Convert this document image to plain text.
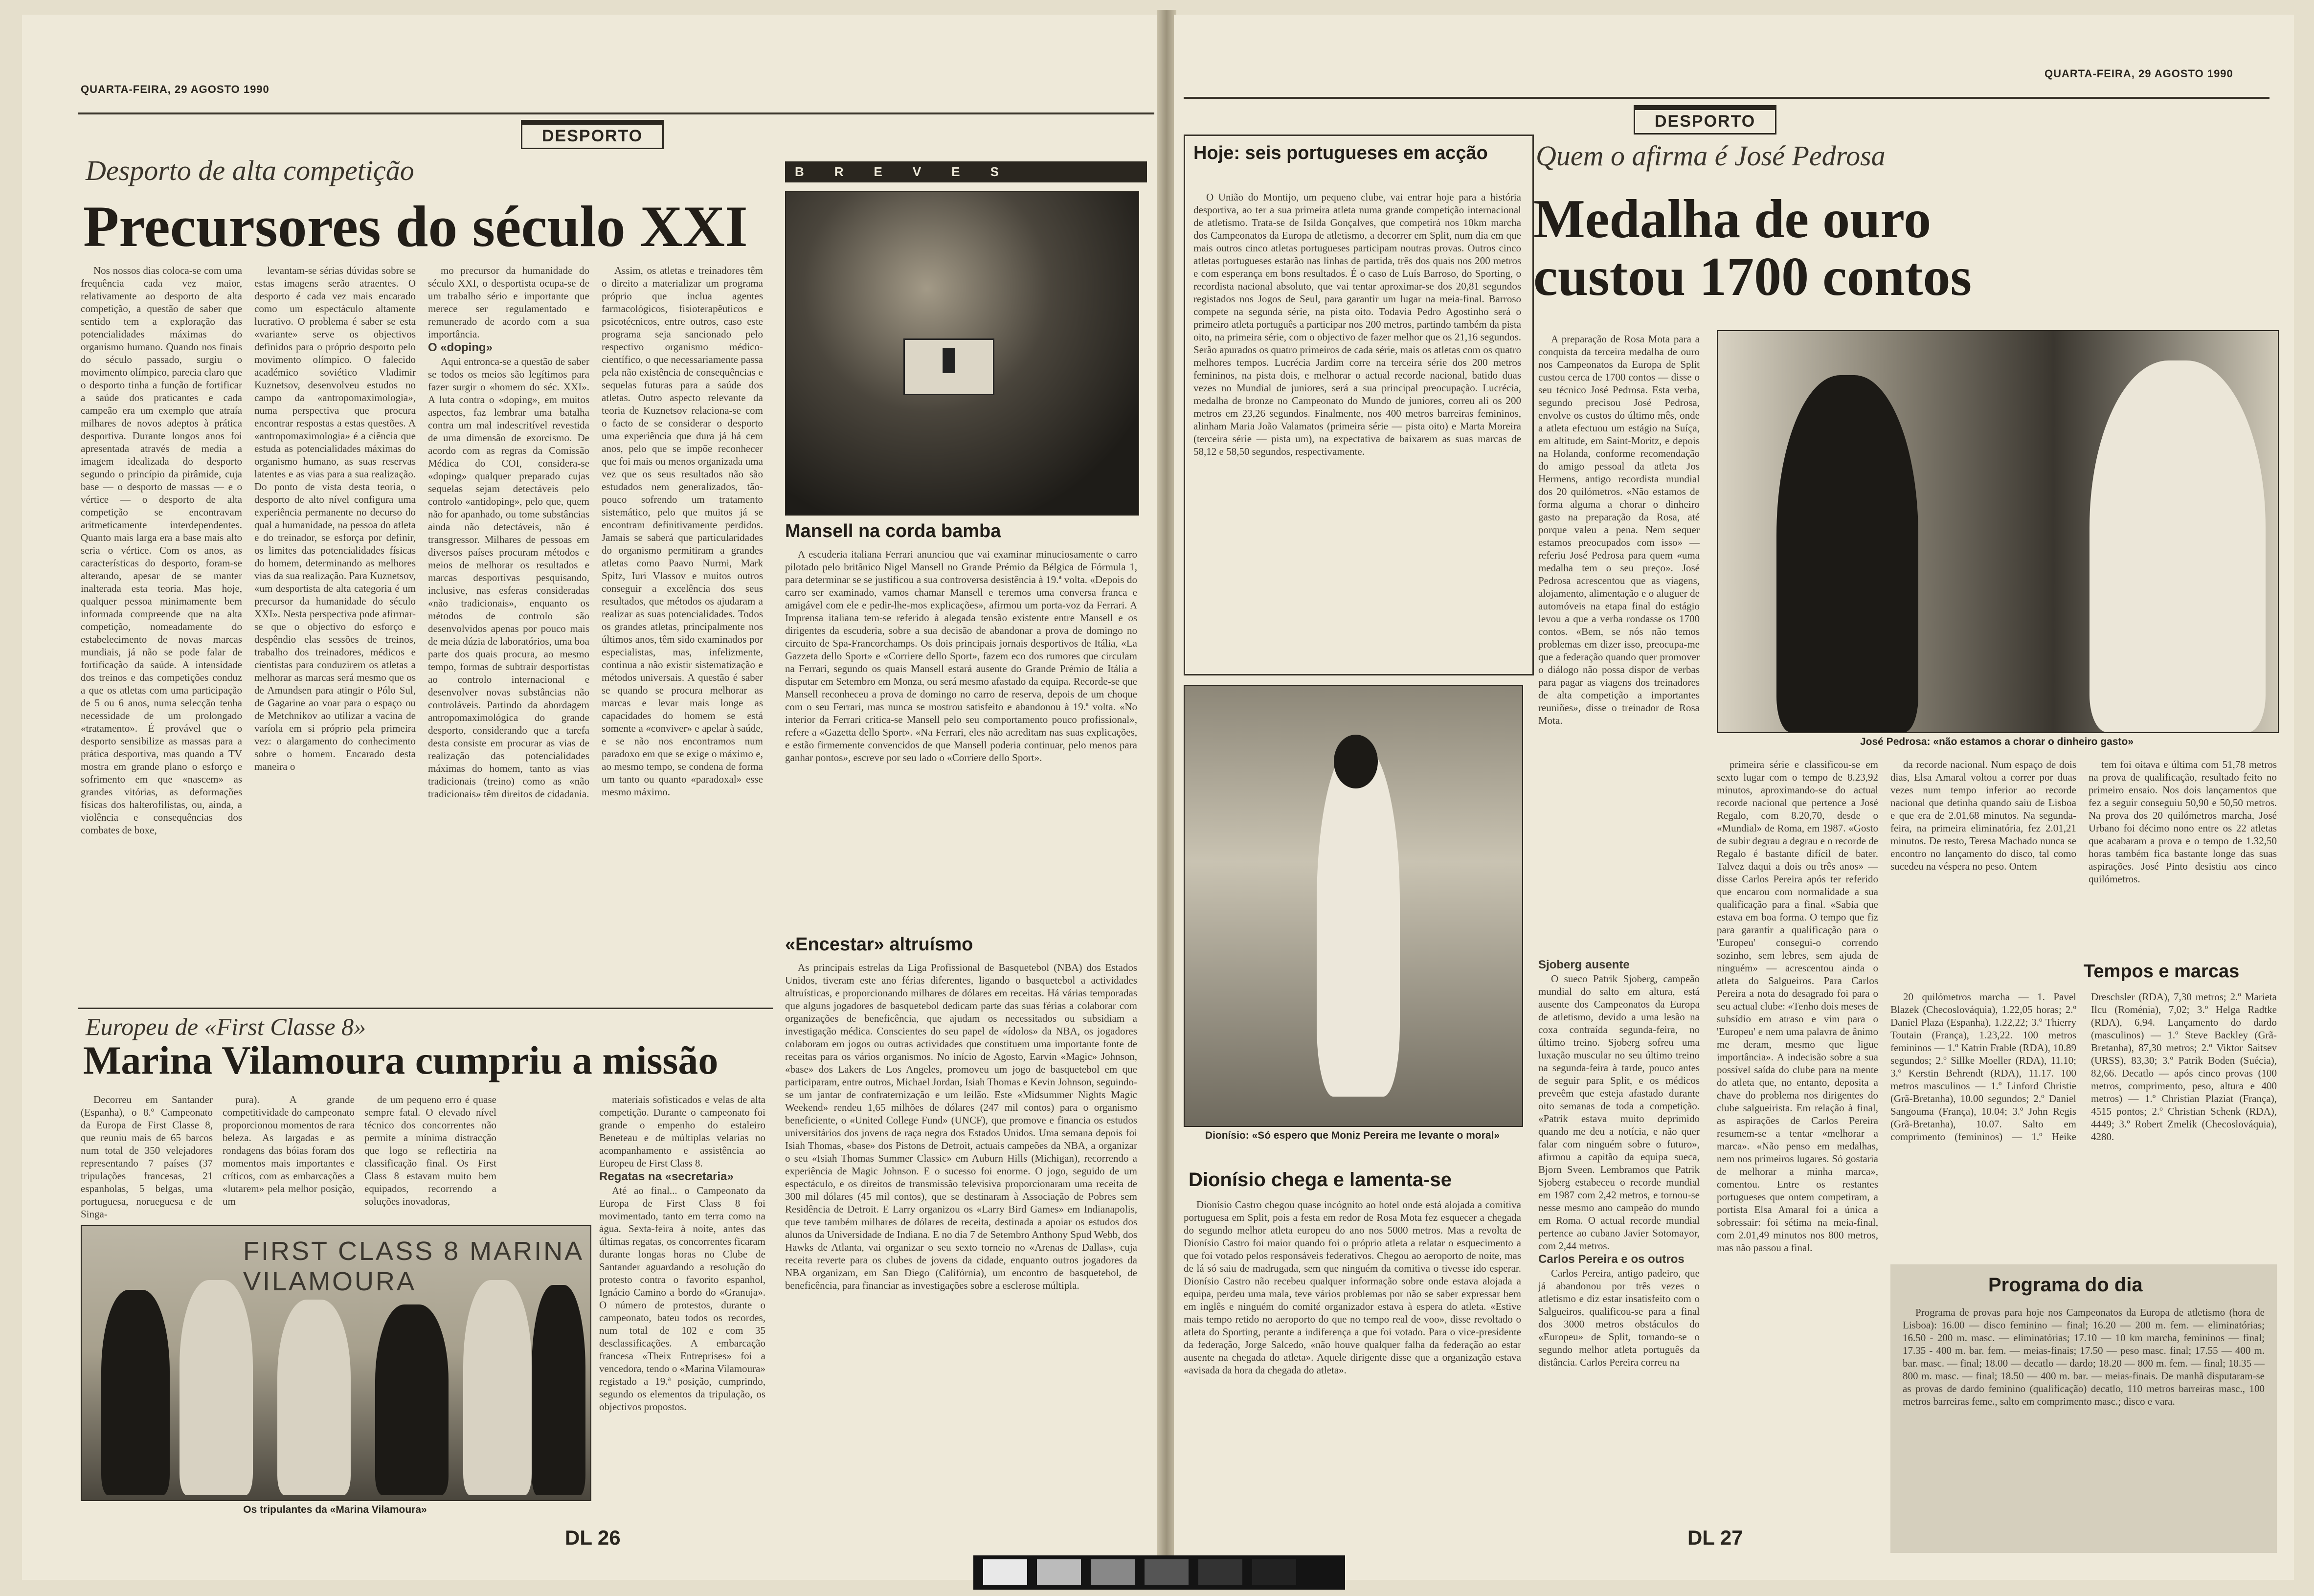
QUARTA-FEIRA, 29 AGOSTO 1990
DESPORTO
Desporto de alta competição
Precursores do século XXI

Nos nossos dias coloca-se com uma frequência cada vez maior, relativamente ao desporto de alta competição, a questão de saber que sentido tem a exploração das potencialidades máximas do organismo humano. Quando nos finais do século passado, surgiu o movimento olímpico, parecia claro que o desporto tinha a função de fortificar a saúde dos praticantes e cada campeão era um exemplo que atraía milhares de novos adeptos à prática desportiva. Durante longos anos foi apresentada através de media a imagem idealizada do desporto segundo o princípio da pirâmide, cuja base — o desporto de massas — e o vértice — o desporto de alta competição se encontravam aritmeticamente interdependentes. Quanto mais larga era a base mais alto seria o vértice. Com os anos, as características do desporto, foram-se alterando, apesar de se manter inalterada esta teoria. Mas hoje, qualquer pessoa minimamente bem informada compreende que na alta competição, nomeadamente do estabelecimento de novas marcas mundiais, já não se pode falar de fortificação da saúde. A intensidade dos treinos e das competições conduz a que os atletas com uma participação de 5 ou 6 anos, numa selecção tenha necessidade de um prolongado «tratamento». É provável que o desporto sensibilize as massas para a prática desportiva, mas quando a TV mostra em grande plano o esforço e sofrimento em que «nascem» as grandes vitórias, as deformações físicas dos halterofilistas, ou, ainda, a violência e consequências dos combates de boxe,

levantam-se sérias dúvidas sobre se estas imagens serão atraentes. O desporto é cada vez mais encarado como um espectáculo altamente lucrativo. O problema é saber se esta «variante» serve os objectivos definidos para o próprio desporto pelo movimento olímpico. O falecido académico soviético Vladimir Kuznetsov, desenvolveu estudos no campo da «antropomaximologia», numa perspectiva que procura encontrar respostas a estas questões. A «antropomaximologia» é a ciência que estuda as potencialidades máximas do organismo humano, as suas reservas latentes e as vias para a sua realização. Do ponto de vista desta teoria, o desporto de alto nível configura uma experiência permanente no decurso do qual a humanidade, na pessoa do atleta e do treinador, se esforça por definir, os limites das potencialidades físicas do homem, determinando as melhores vias da sua realização. Para Kuznetsov, «um desportista de alta categoria é um precursor da humanidade do século XXI». Nesta perspectiva pode afirmar-se que o objectivo do esforço e despêndio elas sessões de treinos, trabalho dos treinadores, médicos e cientistas para conduzirem os atletas a melhorar as marcas será mesmo que os de Amundsen para atingir o Pólo Sul, de Gagarine ao voar para o espaço ou de Metchnikov ao utilizar a vacina de varíola em si próprio pela primeira vez: o alargamento do conhecimento sobre o homem. Encarado desta maneira o

mo precursor da humanidade do século XXI, o desportista ocupa-se de um trabalho sério e importante que merece ser regulamentado e remunerado de acordo com a sua importância.

O «doping»

Aqui entronca-se a questão de saber se todos os meios são legítimos para fazer surgir o «homem do séc. XXI». A luta contra o «doping», em muitos aspectos, faz lembrar uma batalha contra um mal indescritível revestida de uma dimensão de exorcismo. De acordo com as regras da Comissão Médica do COI, considera-se «doping» qualquer preparado cujas sequelas sejam detectáveis pelo controlo «antidoping», pelo que, quem não for apanhado, ou tome substâncias ainda não detectáveis, não é transgressor. Milhares de pessoas em diversos países procuram métodos e meios de melhorar os resultados e marcas desportivas pesquisando, inclusive, nas esferas consideradas «não tradicionais», enquanto os métodos de controlo são desenvolvidos apenas por pouco mais de meia dúzia de laboratórios, uma boa parte dos quais procura, ao mesmo tempo, formas de subtrair desportistas ao controlo internacional e desenvolver novas substâncias não controláveis. Partindo da abordagem antropomaximológica do grande desporto, considerando que a tarefa desta consiste em procurar as vias de realização das potencialidades máximas do homem, tanto as vias tradicionais (treino) como as «não tradicionais» têm direitos de cidadania.

Assim, os atletas e treinadores têm o direito a materializar um programa próprio que inclua agentes farmacológicos, fisioterapêuticos e psicotécnicos, entre outros, caso este programa seja sancionado pelo respectivo organismo médico-científico, o que necessariamente passa pela não existência de consequências e sequelas futuras para a saúde dos atletas. Outro aspecto relevante da teoria de Kuznetsov relaciona-se com o facto de se considerar o desporto uma experiência que dura já há cem anos, pelo que se impõe reconhecer que foi mais ou menos organizada uma vez que os seus resultados não são estudados nem generalizados, tão-pouco sofrendo um tratamento sistemático, pelo que muitos já se encontram definitivamente perdidos. Jamais se saberá que particularidades do organismo permitiram a grandes atletas como Paavo Nurmi, Mark Spitz, Iuri Vlassov e muitos outros conseguir a excelência dos seus resultados, que métodos os ajudaram a realizar as suas potencialidades. Todos os grandes atletas, principalmente nos últimos anos, têm sido examinados por especialistas, mas, infelizmente, continua a não existir sistematização e métodos universais. A questão é saber se quando se procura melhorar as marcas e levar mais longe as capacidades do homem se está somente a «conviver» e apelar à saúde, e se não nos encontramos num paradoxo em que se exige o máximo e, ao mesmo tempo, se condena de forma um tanto ou quanto «paradoxal» esse mesmo máximo.

Europeu de «First Classe 8»
Marina Vilamoura cumpriu a missão

Decorreu em Santander (Espanha), o 8.º Campeonato da Europa de First Classe 8, que reuniu mais de 65 barcos num total de 350 velejadores representando 7 países (37 tripulações francesas, 21 espanholas, 5 belgas, uma portuguesa, norueguesa e de Singa-

pura). A grande competitividade do campeonato proporcionou momentos de rara beleza. As largadas e as rondagens das bóias foram dos momentos mais importantes e críticos, com as embarcações a «lutarem» pela melhor posição, um

de um pequeno erro é quase sempre fatal. O elevado nível técnico dos concorrentes não permite a mínima distracção que logo se reflectiria na classificação final. Os First Class 8 estavam muito bem equipados, recorrendo a soluções inovadoras,

materiais sofisticados e velas de alta competição. Durante o campeonato foi grande o empenho do estaleiro Beneteau e de múltiplas velarias no acompanhamento e assistência ao Europeu de First Class 8.

Regatas na «secretaria»

Até ao final... o Campeonato da Europa de First Class 8 foi movimentado, tanto em terra como na água. Sexta-feira à noite, antes das últimas regatas, os concorrentes ficaram durante longas horas no Clube de Santander aguardando a resolução do protesto contra o favorito espanhol, Ignácio Camino a bordo do «Granuja». O número de protestos, durante o campeonato, bateu todos os recordes, num total de 102 e com 35 desclassificações. A embarcação francesa «Theix Entreprises» foi a vencedora, tendo o «Marina Vilamoura» registado a 19.ª posição, cumprindo, segundo os elementos da tripulação, os objectivos propostos.

FIRST CLASS 8 MARINA VILAMOURA
Os tripulantes da «Marina Vilamoura»
BREVES
▮
Mansell na corda bamba

A escuderia italiana Ferrari anunciou que vai examinar minuciosamente o carro pilotado pelo britânico Nigel Mansell no Grande Prémio da Bélgica de Fórmula 1, para determinar se se justificou a sua controversa desistência à 19.ª volta. «Depois do carro ser examinado, vamos chamar Mansell e teremos uma conversa franca e amigável com ele e pedir-lhe-mos explicações», afirmou um porta-voz da Ferrari. A Imprensa italiana tem-se referido à alegada tensão existente entre Mansell e os dirigentes da escuderia, sobre a sua decisão de abandonar a prova de domingo no circuito de Spa-Francorchamps. Os dois principais jornais desportivos de Itália, «La Gazzeta dello Sport» e «Corriere dello Sport», fazem eco dos rumores que circulam na Ferrari, segundo os quais Mansell estará ausente do Grande Prémio de Itália a disputar em Setembro em Monza, ou será mesmo afastado da equipa. Recorde-se que Mansell reconheceu a prova de domingo no carro de reserva, depois de um choque com o seu Ferrari, mas nunca se mostrou satisfeito e abandonou à 19.ª volta. «No interior da Ferrari critica-se Mansell pelo seu comportamento pouco profissional», refere a «Gazetta dello Sport». «Na Ferrari, eles não acreditam nas suas explicações, e estão firmemente convencidos de que Mansell poderia continuar, pelo menos para ganhar pontos», escreve por seu lado o «Corriere dello Sport».

«Encestar» altruísmo

As principais estrelas da Liga Profissional de Basquetebol (NBA) dos Estados Unidos, tiveram este ano férias diferentes, ligando o basquetebol a actividades altruísticas, e proporcionando milhares de dólares em receitas. Há várias temporadas que alguns jogadores de basquetebol dedicam parte das suas férias a colaborar com organizações de beneficência, que ajudam os necessitados ou subsidiam a investigação médica. Conscientes do seu papel de «ídolos» da NBA, os jogadores colaboram em jogos ou outras actividades que constituem uma importante fonte de receitas para os vários organismos. No início de Agosto, Earvin «Magic» Johnson, «base» dos Lakers de Los Angeles, promoveu um jogo de basquetebol em que participaram, entre outros, Michael Jordan, Isiah Thomas e Kevin Johnson, seguindo-se um jantar de confraternização e um leilão. Este «Midsummer Nights Magic Weekend» rendeu 1,65 milhões de dólares (247 mil contos) para o organismo beneficiente, o «United College Fund» (UNCF), que promove e financia os estudos universitários dos jovens de raça negra dos Estados Unidos. Uma semana depois foi Isiah Thomas, «base» dos Pistons de Detroit, actuais campeões da NBA, a organizar o seu «Isiah Thomas Summer Classic» em Auburn Hills (Michigan), recorrendo a experiência de Magic Johnson. E o sucesso foi enorme. O jogo, seguido de um espectáculo, e os direitos de transmissão televisiva proporcionaram uma receita de 300 mil dólares (45 mil contos), que se destinaram à Associação de Pobres sem Residência de Detroit. E Larry organizou os «Larry Bird Games» em Indianapolis, que teve também milhares de dólares de receita, destinada a apoiar os estudos dos alunos da Universidade de Indiana. E no dia 7 de Setembro Anthony Spud Webb, dos Hawks de Atlanta, vai organizar o seu sexto torneio no «Arenas de Dallas», cuja receita reverte para os clubes de jovens da cidade, enquanto outros jogadores da NBA organizam, em San Diego (Califórnia), um encontro de basquetebol, de beneficência, para financiar as investigações sobre a esclerose múltipla.

DL 26
QUARTA-FEIRA, 29 AGOSTO 1990
DESPORTO
Hoje: seis portugueses em acção

O União do Montijo, um pequeno clube, vai entrar hoje para a história desportiva, ao ter a sua primeira atleta numa grande competição internacional de atletismo. Trata-se de Isilda Gonçalves, que competirá nos 10km marcha dos Campeonatos da Europa de atletismo, a decorrer em Split, num dia em que mais outros cinco atletas portugueses participam noutras provas. Outros cinco atletas portugueses estarão nas linhas de partida, três dos quais nos 200 metros e com esperança em bons resultados. É o caso de Luís Barroso, do Sporting, o recordista nacional absoluto, que vai tentar aproximar-se dos 20,81 segundos registados nos Jogos de Seul, para garantir um lugar na meia-final. Barroso compete na segunda série, na pista oito. Todavia Pedro Agostinho será o primeiro atleta português a participar nos 200 metros, partindo também da pista oito, na primeira série, com o objectivo de fazer melhor que os 21,16 segundos. Serão apurados os quatro primeiros de cada série, mais os atletas com os quatro melhores tempos. Lucrécia Jardim corre na terceira série dos 200 metros femininos, na pista dois, e melhorar o actual recorde nacional, batido duas vezes no Mundial de juniores, será a sua principal preocupação. Lucrécia, medalha de bronze no Campeonato do Mundo de juniores, correu ali os 200 metros em 23,26 segundos. Finalmente, nos 400 metros barreiras femininos, alinham Maria João Valamatos (primeira série — pista oito) e Marta Moreira (terceira série — pista um), na expectativa de baixarem as suas marcas de 58,12 e 58,50 segundos, respectivamente.

Dionísio: «Só espero que Moniz Pereira me levante o moral»
Dionísio chega e lamenta-se

Dionísio Castro chegou quase incógnito ao hotel onde está alojada a comitiva portuguesa em Split, pois a festa em redor de Rosa Mota fez esquecer a chegada do segundo melhor atleta europeu do ano nos 5000 metros. Mas a revolta de Dionísio Castro foi maior quando foi o próprio atleta a relatar o esquecimento a que foi votado pelos responsáveis federativos. Chegou ao aeroporto de noite, mas de lá só saiu de madrugada, sem que ninguém da comitiva o tivesse ido esperar. Dionísio Castro não recebeu qualquer informação sobre onde estava alojada a equipa, perdeu uma mala, teve vários problemas por não se saber expressar bem em inglês e ninguém do comité organizador estava à espera do atleta. «Estive mais tempo retido no aeroporto do que no tempo real de voo», disse revoltado o atleta do Sporting, perante a indiferença a que foi votado. Para o vice-presidente da federação, Jorge Salcedo, «não houve qualquer falha da federação ao estar ausente na chegada do atleta». Aquele dirigente disse que a organização estava «avisada da hora da chegada do atleta».

Quem o afirma é José Pedrosa
Medalha de ouro custou 1700 contos

A preparação de Rosa Mota para a conquista da terceira medalha de ouro nos Campeonatos da Europa de Split custou cerca de 1700 contos — disse o seu técnico José Pedrosa. Esta verba, segundo precisou José Pedrosa, envolve os custos do último mês, onde a atleta efectuou um estágio na Suíça, em altitude, em Saint-Moritz, e depois na Holanda, conforme recomendação do amigo pessoal da atleta Jos Hermens, antigo recordista mundial dos 20 quilómetros. «Não estamos de forma alguma a chorar o dinheiro gasto na preparação da Rosa, até porque valeu a pena. Nem sequer estamos preocupados com isso» — referiu José Pedrosa para quem «uma medalha tem o seu preço». José Pedrosa acrescentou que as viagens, alojamento, alimentação e o aluguer de automóveis na etapa final do estágio levou a que a verba rondasse os 1700 contos. «Bem, se nós não temos problemas em dizer isso, preocupa-me que a federação quando quer promover o diálogo não possa dispor de verbas para pagar as viagens dos treinadores de alta competição a importantes reuniões», disse o treinador de Rosa Mota.

José Pedrosa: «não estamos a chorar o dinheiro gasto»

primeira série e classificou-se em sexto lugar com o tempo de 8.23,92 minutos, aproximando-se do actual recorde nacional que pertence a José Regalo, com 8.20,70, desde o «Mundial» de Roma, em 1987. «Gosto de subir degrau a degrau e o recorde de Regalo é bastante difícil de bater. Talvez daqui a dois ou três anos» — disse Carlos Pereira após ter referido que encarou com normalidade a sua qualificação para a final. «Sabia que estava em boa forma. O tempo que fiz para garantir a qualificação para o 'Europeu' consegui-o correndo sozinho, sem lebres, sem ajuda de ninguém» — acrescentou ainda o atleta do Salgueiros. Para Carlos Pereira a nota do desagrado foi para o seu actual clube: «Tenho dois meses de subsídio em atraso e vim para o 'Europeu' e nem uma palavra de ânimo me deram, mesmo que ligue importância». A indecisão sobre a sua possível saída do clube para na mente do atleta que, no entanto, deposita a chave do problema nos dirigentes do clube salgueirista. Em relação à final, as aspirações de Carlos Pereira resumem-se a tentar «melhorar a marca». «Não penso em medalhas, nem nos primeiros lugares. Só gostaria de melhorar a minha marca», comentou. Entre os restantes portugueses que ontem competiram, a portista Elsa Amaral foi a única a sobressair: foi sétima na meia-final, com 2.01,49 minutos nos 800 metros, mas não passou a final.

Sjoberg ausente

O sueco Patrik Sjoberg, campeão mundial do salto em altura, está ausente dos Campeonatos da Europa de atletismo, devido a uma lesão na coxa contraída segunda-feira, no último treino. Sjoberg sofreu uma luxação muscular no seu último treino na segunda-feira à tarde, pouco antes de seguir para Split, e os médicos preveêm que esteja afastado durante oito semanas de toda a competição. «Patrik estava muito deprimido quando me deu a notícia, e não quer falar com ninguém sobre o futuro», afirmou a capitão da equipa sueca, Bjorn Sveen. Lembramos que Patrik Sjoberg estabeceu o recorde mundial em 1987 com 2,42 metros, e tornou-se nesse mesmo ano campeão do mundo em Roma. O actual recorde mundial pertence ao cubano Javier Sotomayor, com 2,44 metros.

Carlos Pereira e os outros

Carlos Pereira, antigo padeiro, que já abandonou por três vezes o atletismo e diz estar insatisfeito com o Salgueiros, qualificou-se para a final dos 3000 metros obstáculos do «Europeu» de Split, tornando-se o segundo melhor atleta português da distância. Carlos Pereira correu na

da recorde nacional. Num espaço de dois dias, Elsa Amaral voltou a correr por duas vezes num tempo inferior ao recorde nacional que detinha quando saiu de Lisboa e que era de 2.01,68 minutos. Na segunda-feira, na primeira eliminatória, fez 2.01,21 minutos. De resto, Teresa Machado nunca se encontro no lançamento do disco, tal como sucedeu na véspera no peso. Ontem

tem foi oitava e última com 51,78 metros na prova de qualificação, resultado feito no primeiro ensaio. Nos dois lançamentos que fez a seguir conseguiu 50,90 e 50,50 metros. Na prova dos 20 quilómetros marcha, José Urbano foi décimo nono entre os 22 atletas que acabaram a prova e o tempo de 1.32,50 horas também fica bastante longe das suas aspirações. José Pinto desistiu aos cinco quilómetros.

Tempos e marcas

20 quilómetros marcha — 1. Pavel Blazek (Checoslováquia), 1.22,05 horas; 2.º Daniel Plaza (Espanha), 1.22,22; 3.º Thierry Toutain (França), 1.23,22. 100 metros femininos — 1.º Katrin Frable (RDA), 10.89 segundos; 2.º Sillke Moeller (RDA), 11.10; 3.º Kerstin Behrendt (RDA), 11.17. 100 metros masculinos — 1.º Linford Christie (Grã-Bretanha), 10.00 segundos; 2.º Daniel Sangouma (França), 10.04; 3.º John Regis (Grã-Bretanha), 10.07. Salto em comprimento (femininos) — 1.º Heike Dreschsler (RDA), 7,30 metros; 2.º Marieta Ilcu (Roménia), 7,02; 3.º Helga Radtke (RDA), 6,94. Lançamento do dardo (masculinos) — 1.º Steve Backley (Grã-Bretanha), 87,30 metros; 2.º Viktor Saitsev (URSS), 83,30; 3.º Patrik Boden (Suécia), 82,66. Decatlo — após cinco provas (100 metros, comprimento, peso, altura e 400 metros) — 1.º Christian Plaziat (França), 4515 pontos; 2.º Christian Schenk (RDA), 4449; 3.º Robert Zmelik (Checoslováquia), 4280.

Programa do dia

Programa de provas para hoje nos Campeonatos da Europa de atletismo (hora de Lisboa): 16.00 — disco feminino — final; 16.20 — 200 m. fem. — eliminatórias; 16.50 - 200 m. masc. — eliminatórias; 17.10 — 10 km marcha, femininos — final; 17.35 - 400 m. bar. fem. — meias-finais; 17.50 — peso masc. final; 17.55 — 400 m. bar. masc. — final; 18.00 — decatlo — dardo; 18.20 — 800 m. fem. — final; 18.35 — 800 m. masc. — final; 18.50 — 400 m. bar. — meias-finais. De manhã disputaram-se as provas de dardo feminino (qualificação) decatlo, 110 metros barreiras masc., 100 metros barreiras feme., salto em comprimento masc.; disco e vara.

DL 27
